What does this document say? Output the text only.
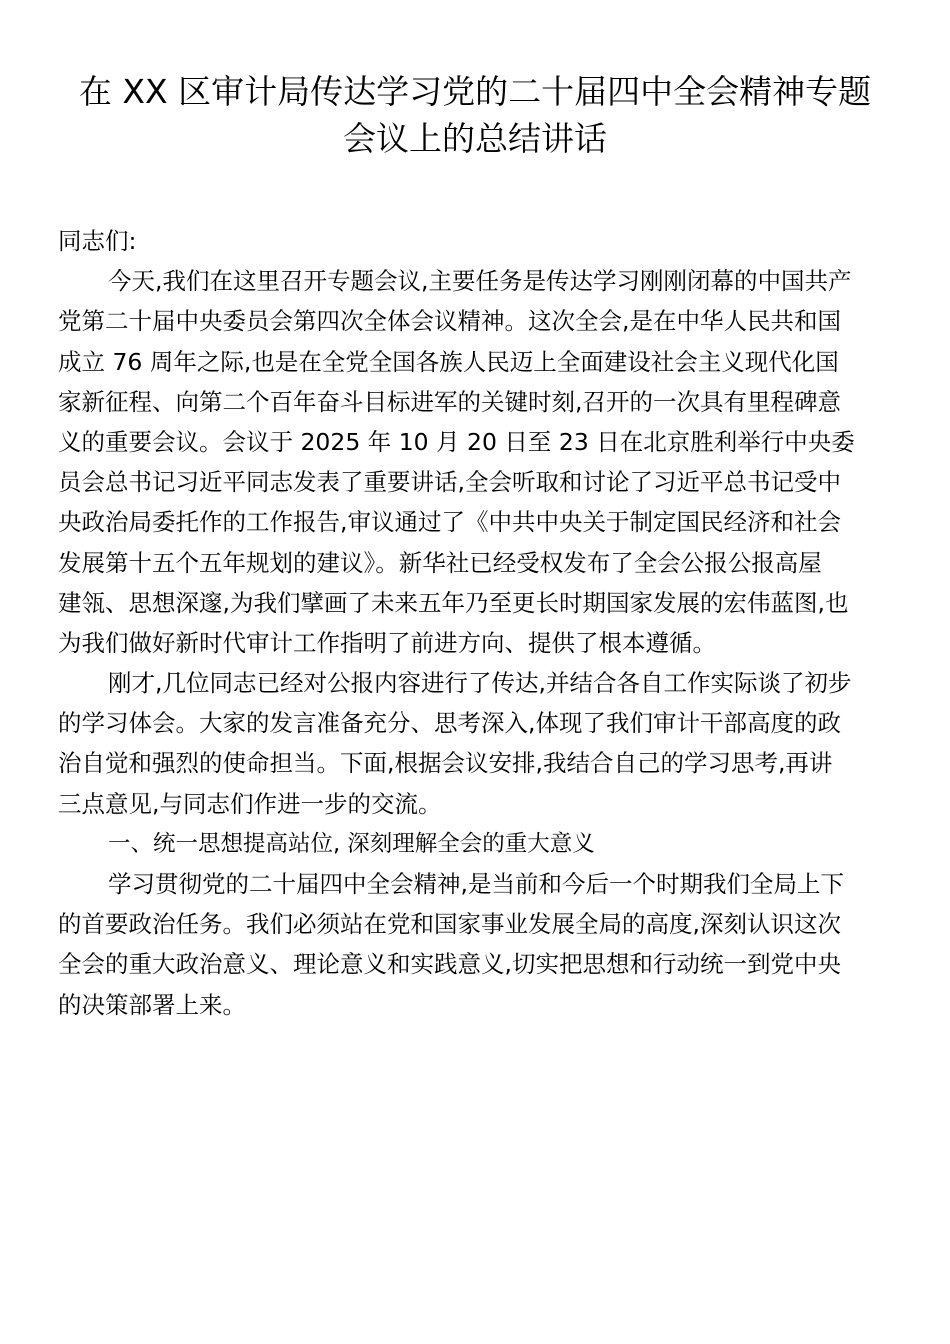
在 XX 区审计局传达学习党的二十届四中全会精神专题
会议上的总结讲话
同志们:
今天,我们在这里召开专题会议,主要任务是传达学习刚刚闭幕的中国共产
党第二十届中央委员会第四次全体会议精神。这次全会,是在中华人民共和国
成立 76 周年之际,也是在全党全国各族人民迈上全面建设社会主义现代化国
家新征程、向第二个百年奋斗目标进军的关键时刻,召开的一次具有里程碑意
义的重要会议。会议于 2025 年 10 月 20 日至 23 日在北京胜利举行中央委
员会总书记习近平同志发表了重要讲话,全会听取和讨论了习近平总书记受中
央政治局委托作的工作报告,审议通过了《中共中央关于制定国民经济和社会
发展第十五个五年规划的建议》。新华社已经受权发布了全会公报公报高屋
建瓴、思想深邃,为我们擘画了未来五年乃至更长时期国家发展的宏伟蓝图,也
为我们做好新时代审计工作指明了前进方向、提供了根本遵循。
刚才,几位同志已经对公报内容进行了传达,并结合各自工作实际谈了初步
的学习体会。大家的发言准备充分、思考深入,体现了我们审计干部高度的政
治自觉和强烈的使命担当。下面,根据会议安排,我结合自己的学习思考,再讲
三点意见,与同志们作进一步的交流。
一、统一思想提高站位, 深刻理解全会的重大意义
学习贯彻党的二十届四中全会精神,是当前和今后一个时期我们全局上下
的首要政治任务。我们必须站在党和国家事业发展全局的高度,深刻认识这次
全会的重大政治意义、理论意义和实践意义,切实把思想和行动统一到党中央
的决策部署上来。
